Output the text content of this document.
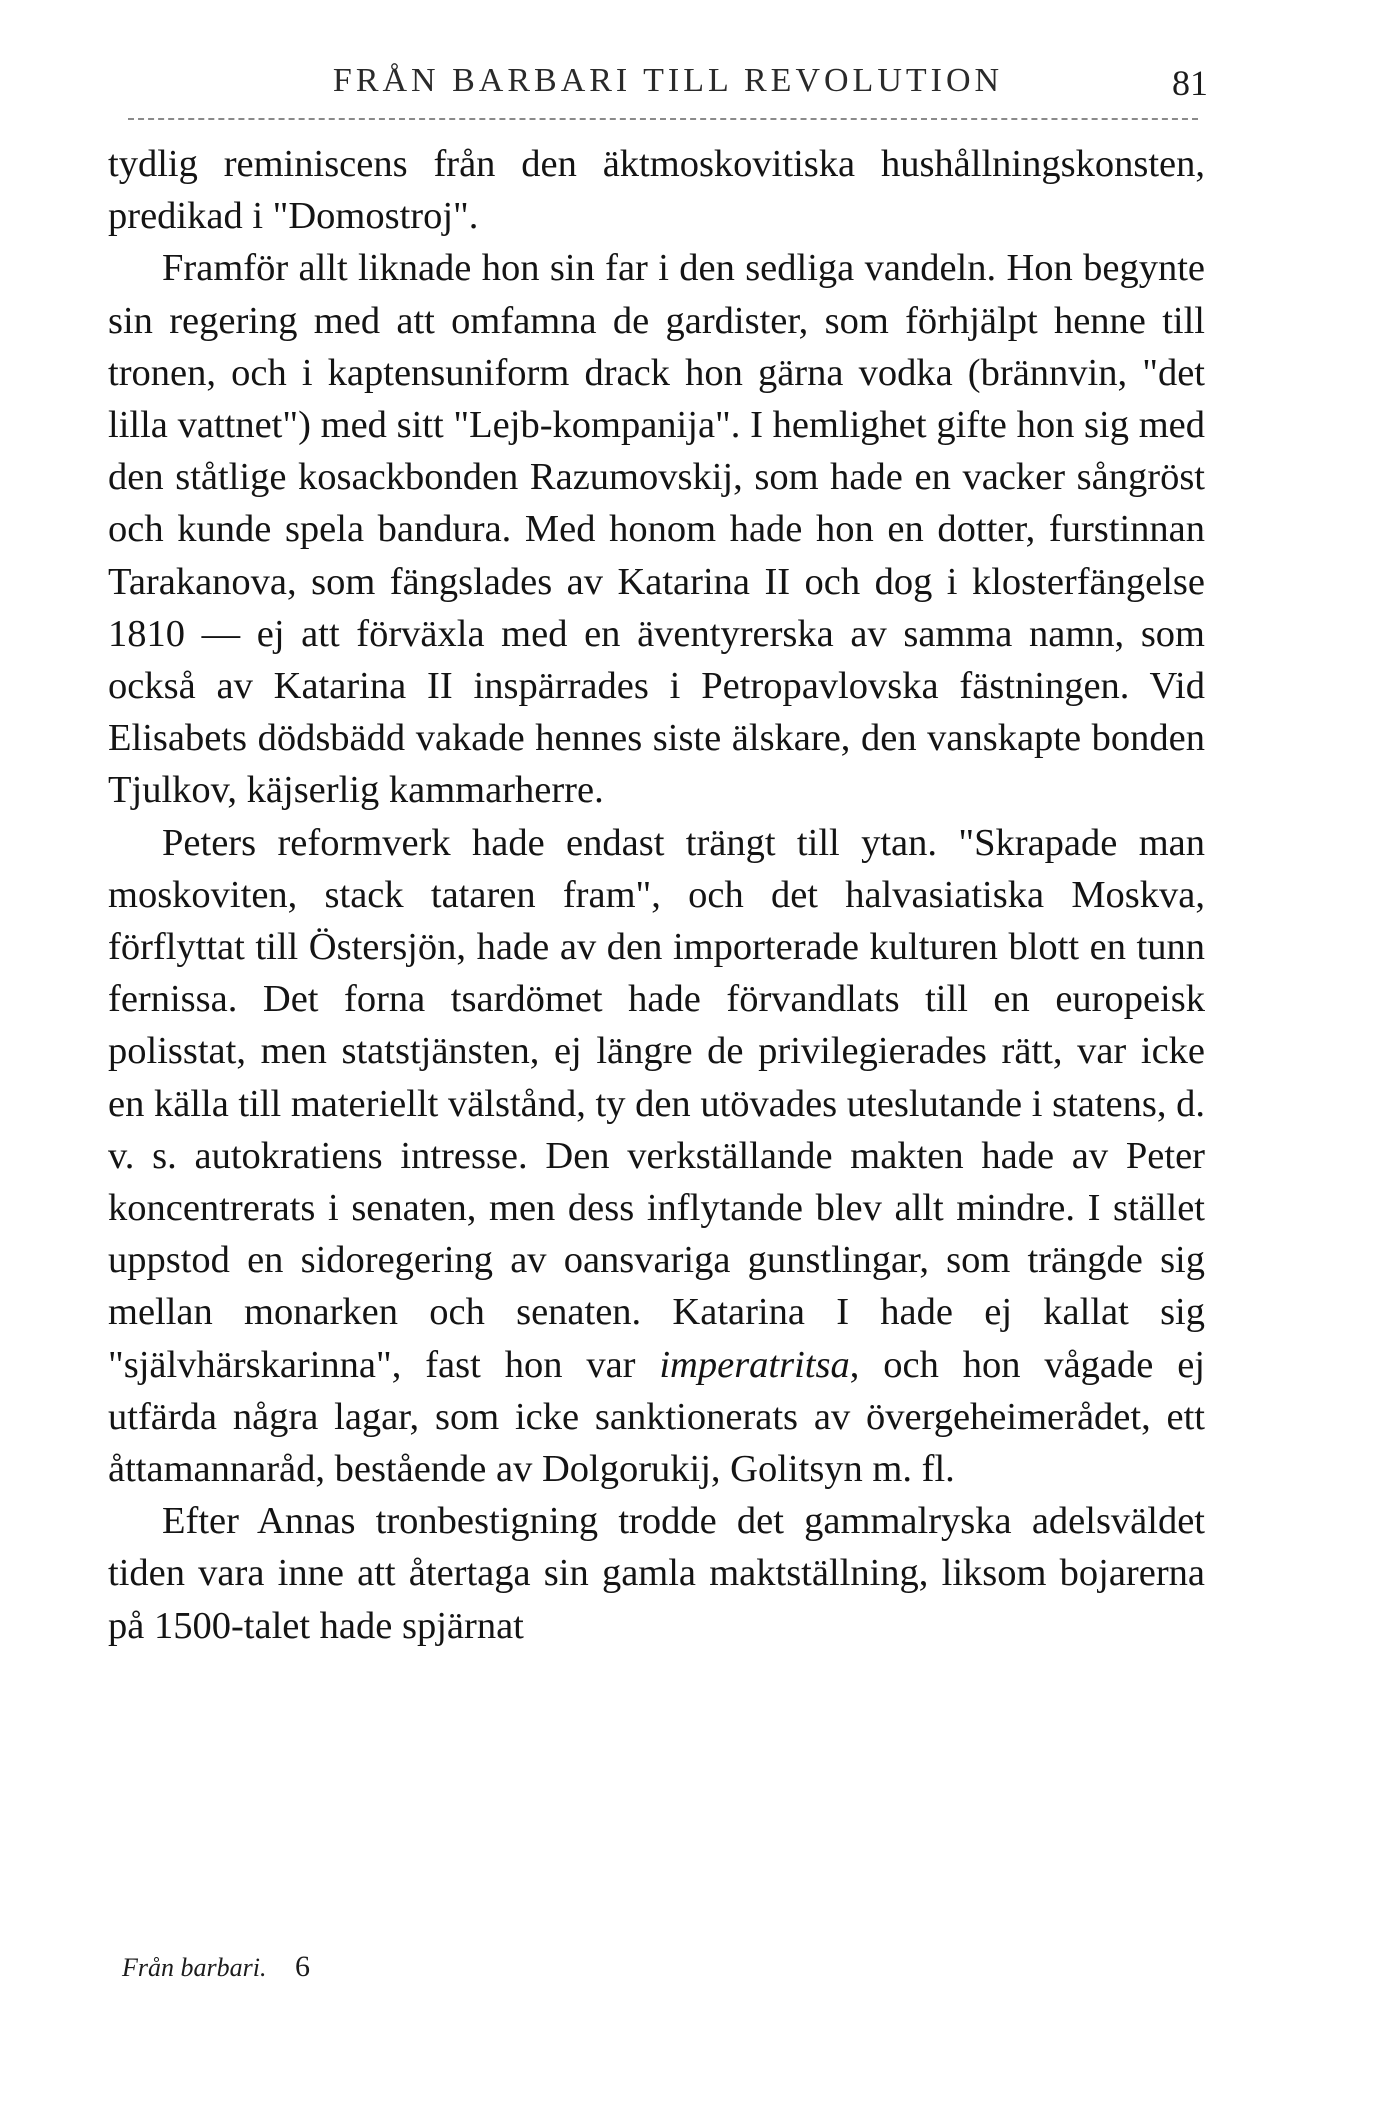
FRÅN BARBARI TILL REVOLUTION	81

tydlig reminiscens från den äktmoskovitiska hushållningskonsten, predikad i "Domostroj".

Framför allt liknade hon sin far i den sedliga vandeln. Hon begynte sin regering med att omfamna de gardister, som förhjälpt henne till tronen, och i kaptensuniform drack hon gärna vodka (brännvin, "det lilla vattnet") med sitt "Lejb-kompanija". I hemlighet gifte hon sig med den ståtlige kosackbonden Razumovskij, som hade en vacker sångröst och kunde spela bandura. Med honom hade hon en dotter, furstinnan Tarakanova, som fängslades av Katarina II och dog i klosterfängelse 1810 — ej att förväxla med en äventyrerska av samma namn, som också av Katarina II inspärrades i Petropavlovska fästningen. Vid Elisabets dödsbädd vakade hennes siste älskare, den vanskapte bonden Tjulkov, käjserlig kammarherre.

Peters reformverk hade endast trängt till ytan. "Skrapade man moskoviten, stack tataren fram", och det halvasiatiska Moskva, förflyttat till Östersjön, hade av den importerade kulturen blott en tunn fernissa. Det forna tsardömet hade förvandlats till en europeisk polisstat, men statstjänsten, ej längre de privilegierades rätt, var icke en källa till materiellt välstånd, ty den utövades uteslutande i statens, d. v. s. autokratiens intresse. Den verkställande makten hade av Peter koncentrerats i senaten, men dess inflytande blev allt mindre. I stället uppstod en sidoregering av oansvariga gunstlingar, som trängde sig mellan monarken och senaten. Katarina I hade ej kallat sig "självhärskarinna", fast hon var imperatritsa, och hon vågade ej utfärda några lagar, som icke sanktionerats av övergeheimerådet, ett åttamannaråd, bestående av Dolgorukij, Golitsyn m. fl.

Efter Annas tronbestigning trodde det gammalryska adelsväldet tiden vara inne att återtaga sin gamla maktställning, liksom bojarerna på 1500-talet hade spjärnat

Från barbari. 6
